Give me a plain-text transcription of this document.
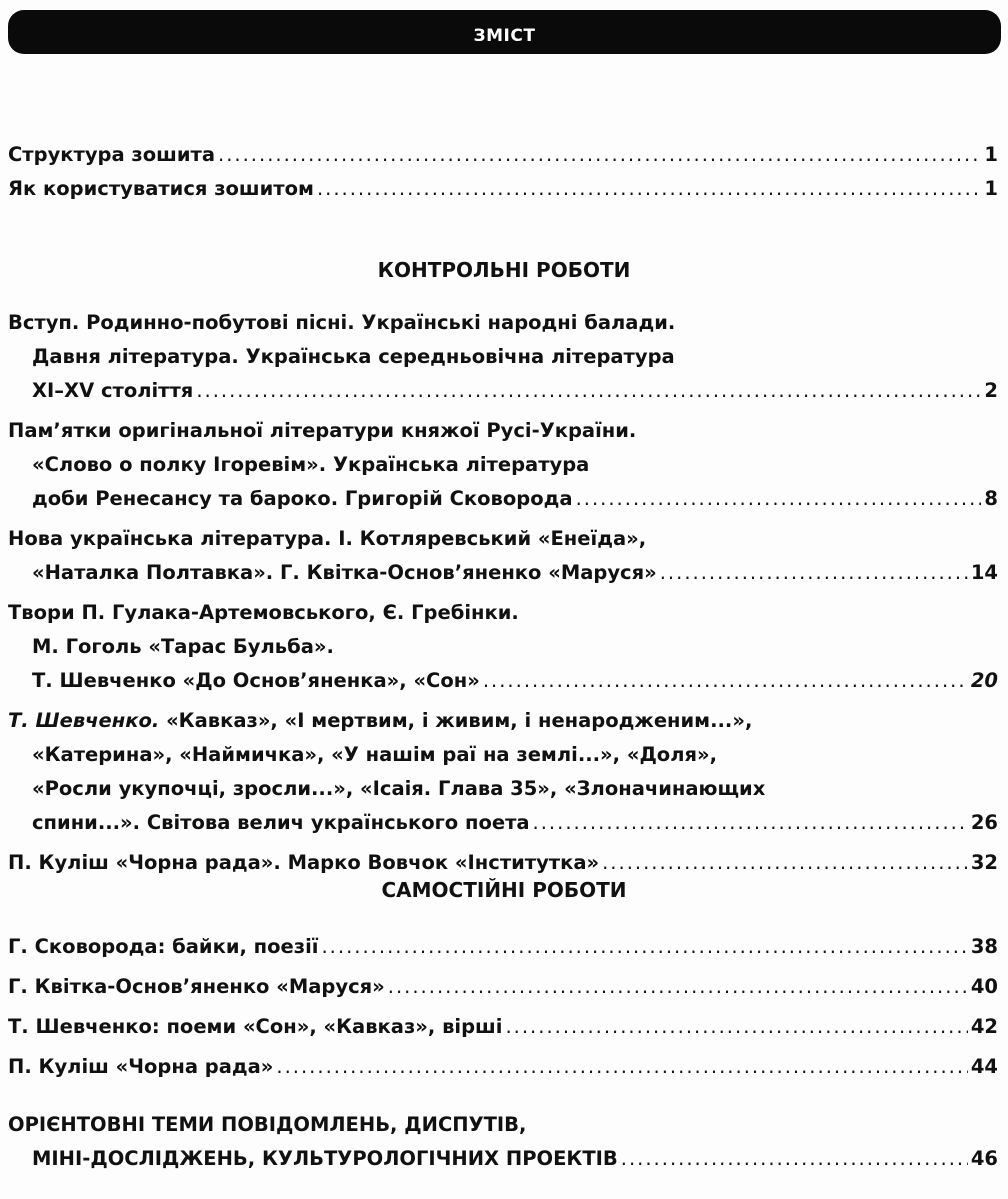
ЗМІСТ
Структура зошита .....	1
Як користуватися зошитом .....	1
КОНТРОЛЬНІ РОБОТИ
Вступ. Родинно-побутові пісні. Українські народні балади.
Давня література. Українська середньовічна література
XI–XV століття .....	2
Пам’ятки оригінальної літератури княжої Русі-України.
«Слово о полку Ігоревім». Українська література
доби Ренесансу та бароко. Григорій Сковорода .....	8
Нова українська література. І. Котляревський «Енеїда»,
«Наталка Полтавка». Г. Квітка-Основ’яненко «Маруся» .....	14
Твори П. Гулака-Артемовського, Є. Гребінки.
М. Гоголь «Тарас Бульба».
Т. Шевченко «До Основ’яненка», «Сон» .....	20
Т. Шевченко. «Кавказ», «І мертвим, і живим, і ненародженим...»,
«Катерина», «Наймичка», «У нашім раї на землі...», «Доля»,
«Росли укупочці, зросли...», «Ісаія. Глава 35», «Злоначинающих
спини...». Світова велич українського поета .....	26
П. Куліш «Чорна рада». Марко Вовчок «Інститутка» .....	32
САМОСТІЙНІ РОБОТИ
Г. Сковорода: байки, поезії .....	38
Г. Квітка-Основ’яненко «Маруся» .....	40
Т. Шевченко: поеми «Сон», «Кавказ», вірші .....	42
П. Куліш «Чорна рада» .....	44
ОРІЄНТОВНІ ТЕМИ ПОВІДОМЛЕНЬ, ДИСПУТІВ,
МІНІ-ДОСЛІДЖЕНЬ, КУЛЬТУРОЛОГІЧНИХ ПРОЕКТІВ .....	46
